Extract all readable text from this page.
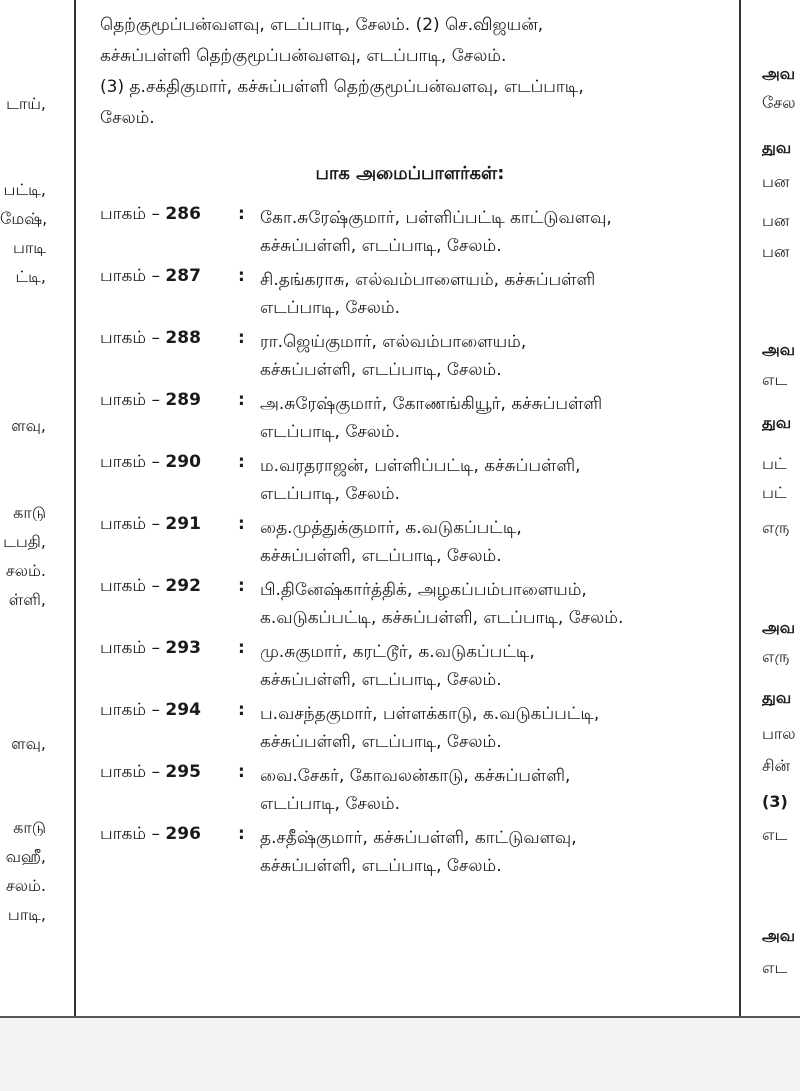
டாய்,
பட்டி,
மேஷ்,
பாடி
ட்டி,
ளவு,
காடு
டபதி,
சலம்.
ள்ளி,
ளவு,
காடு
வஹீ,
சலம்.
பாடி,

தெற்குமூப்பன்வளவு, எடப்பாடி, சேலம். (2) செ.விஜயன்,
கச்சுப்பள்ளி தெற்குமூப்பன்வளவு, எடப்பாடி, சேலம்.
(3) த.சக்திகுமார், கச்சுப்பள்ளி தெற்குமூப்பன்வளவு, எடப்பாடி,
சேலம்.
பாக அமைப்பாளர்கள்:
பாகம் – 286 : கோ.சுரேஷ்குமார், பள்ளிப்பட்டி காட்டுவளவு,
கச்சுப்பள்ளி, எடப்பாடி, சேலம்.
பாகம் – 287 : சி.தங்கராசு, எல்வம்பாளையம், கச்சுப்பள்ளி
எடப்பாடி, சேலம்.
பாகம் – 288 : ரா.ஜெய்குமார், எல்வம்பாளையம்,
கச்சுப்பள்ளி, எடப்பாடி, சேலம்.
பாகம் – 289 : அ.சுரேஷ்குமார், கோணங்கியூர், கச்சுப்பள்ளி
எடப்பாடி, சேலம்.
பாகம் – 290 : ம.வரதராஜன், பள்ளிப்பட்டி, கச்சுப்பள்ளி,
எடப்பாடி, சேலம்.
பாகம் – 291 : தை.முத்துக்குமார், க.வடுகப்பட்டி,
கச்சுப்பள்ளி, எடப்பாடி, சேலம்.
பாகம் – 292 : பி.தினேஷ்கார்த்திக், அழகப்பம்பாளையம்,
க.வடுகப்பட்டி, கச்சுப்பள்ளி, எடப்பாடி, சேலம்.
பாகம் – 293 : மு.சுகுமார், கரட்டூர், க.வடுகப்பட்டி,
கச்சுப்பள்ளி, எடப்பாடி, சேலம்.
பாகம் – 294 : ப.வசந்தகுமார், பள்ளக்காடு, க.வடுகப்பட்டி,
கச்சுப்பள்ளி, எடப்பாடி, சேலம்.
பாகம் – 295 : வை.சேகர், கோவலன்காடு, கச்சுப்பள்ளி,
எடப்பாடி, சேலம்.
பாகம் – 296 : த.சதீஷ்குமார், கச்சுப்பள்ளி, காட்டுவளவு,
கச்சுப்பள்ளி, எடப்பாடி, சேலம்.
அவ
சேல
துவ
பன
பன
பன
அவ
எட
துவ
பட்
பட்
எரு
அவ
எரு
துவ
பால
சின்
(3)
எட
அவ
எட
